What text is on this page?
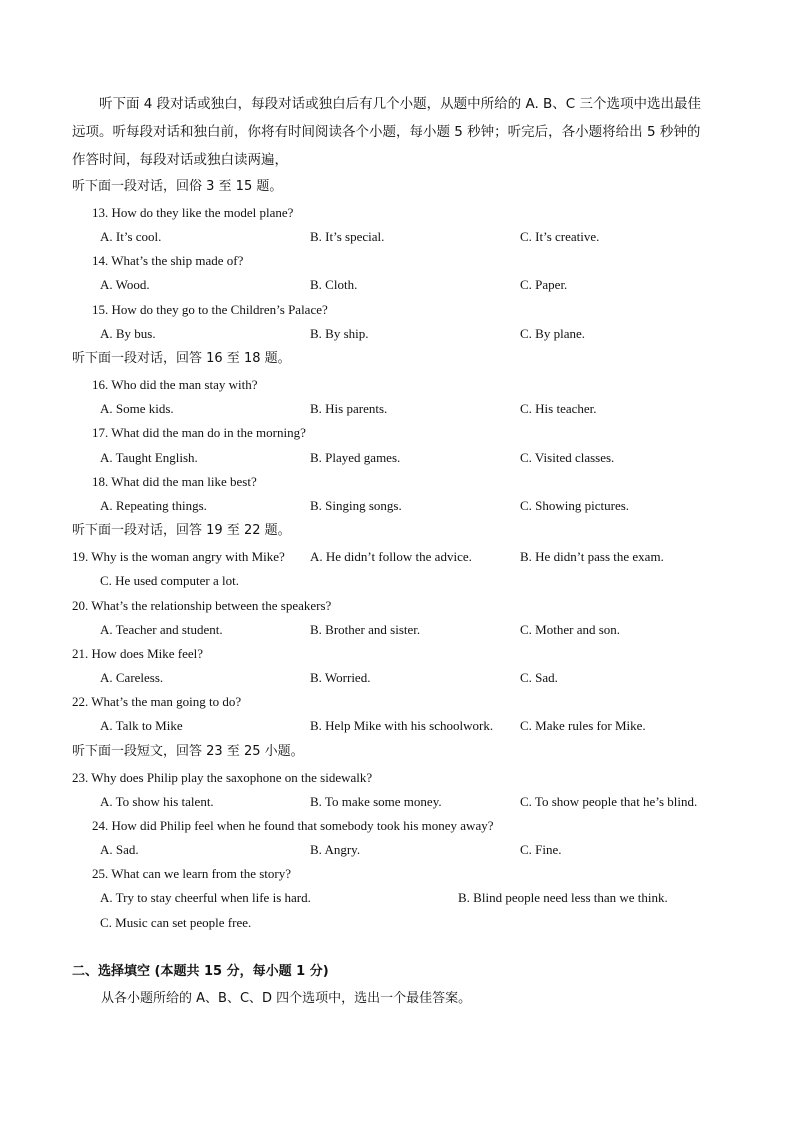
听下面 4 段对话或独白，每段对话或独白后有几个小题，从题中所给的 A. B、C 三个选项中选出最佳
远项。听每段对话和独白前，你将有时间阅读各个小题，每小题 5 秒钟；听完后，各小题将给出 5 秒钟的
作答时间，每段对话或独白读两遍，
听下面一段对话，回俗 3 至 15 题。
13. How do they like the model plane?
A. It’s cool.	B. It’s special.	C. It’s creative.
14. What’s the ship made of?
A. Wood.	B. Cloth.	C. Paper.
15. How do they go to the Children’s Palace?
A. By bus.	B. By ship.	C. By plane.
听下面一段对话，回答 16 至 18 题。
16. Who did the man stay with?
A. Some kids.	B. His parents.	C. His teacher.
17. What did the man do in the morning?
A. Taught English.	B. Played games.	C. Visited classes.
18. What did the man like best?
A. Repeating things.	B. Singing songs.	C. Showing pictures.
听下面一段对话，回答 19 至 22 题。
19. Why is the woman angry with Mike? A. He didn’t follow the advice.	B. He didn’t pass the exam.
C. He used computer a lot.
20. What’s the relationship between the speakers?
A. Teacher and student.	B. Brother and sister.	C. Mother and son.
21. How does Mike feel?
A. Careless.	B. Worried.	C. Sad.
22. What’s the man going to do?
A. Talk to Mike	B. Help Mike with his schoolwork. C. Make rules for Mike.
听下面一段短文，回答 23 至 25 小题。
23. Why does Philip play the saxophone on the sidewalk?
A. To show his talent.	B. To make some money.	C. To show people that he’s blind.
24. How did Philip feel when he found that somebody took his money away?
A. Sad.	B. Angry.	C. Fine.
25. What can we learn from the story?
A. Try to stay cheerful when life is hard.	B. Blind people need less than we think.
C. Music can set people free.
二、选择填空 (本题共 15 分，每小题 1 分)
从各小题所给的 A、B、C、D 四个选项中，选出一个最佳答案。
